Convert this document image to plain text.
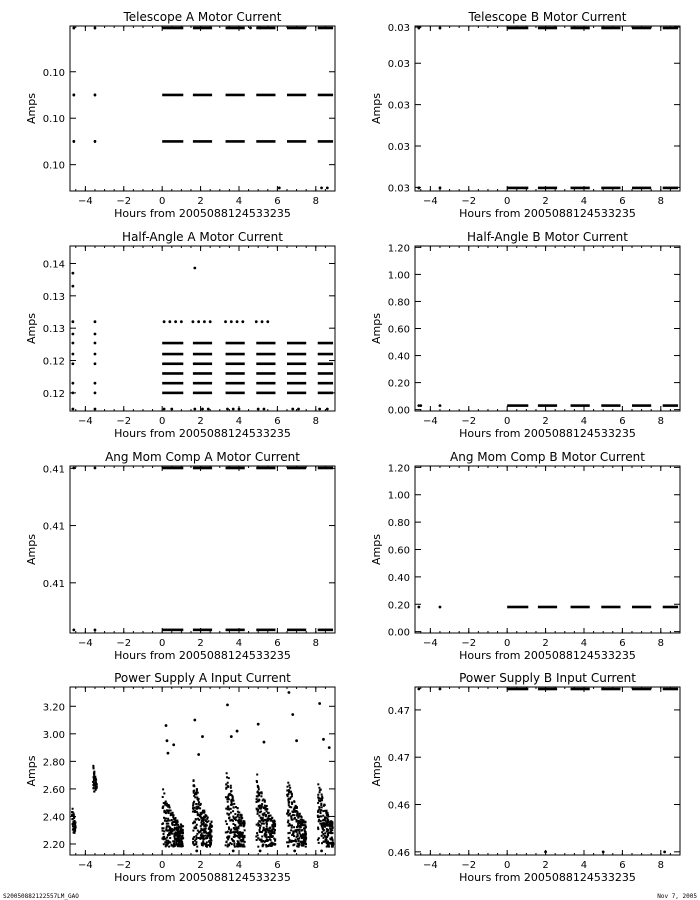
Telescope A Motor Current
−4 −2	0	2	4	6	8
Hours from 2005088124533235
0.10
0.10
0.10
Amps
Telescope B Motor Current
−4 −2	0	2	4	6	8
Hours from 2005088124533235
0.03
0.03
0.03
0.03
0.03
Amps
Half-Angle A Motor Current
−4 −2	0	2	4	6	8
Hours from 2005088124533235
0.12
0.12
0.13
0.13
0.14
Amps
Half-Angle B Motor Current
−4 −2	0	2	4	6	8
Hours from 2005088124533235
0.00
0.20
0.40
0.60
0.80
1.00
1.20
Amps
Ang Mom Comp A Motor Current
−4 −2	0	2	4	6	8
Hours from 2005088124533235
0.41
0.41
0.41
Amps
Ang Mom Comp B Motor Current
−4 −2	0	2	4	6	8
Hours from 2005088124533235
0.00
0.20
0.40
0.60
0.80
1.00
1.20
Amps
Power Supply A Input Current
−4 −2	0	2	4	6	8
Hours from 2005088124533235
2.20
2.40
2.60
2.80
3.00
3.20
Amps
Power Supply B Input Current
−4 −2	0	2	4	6	8
Hours from 2005088124533235
0.46
0.46
0.47
0.47
Amps
S20050882122557LM_GAO	Nov 7, 2005
